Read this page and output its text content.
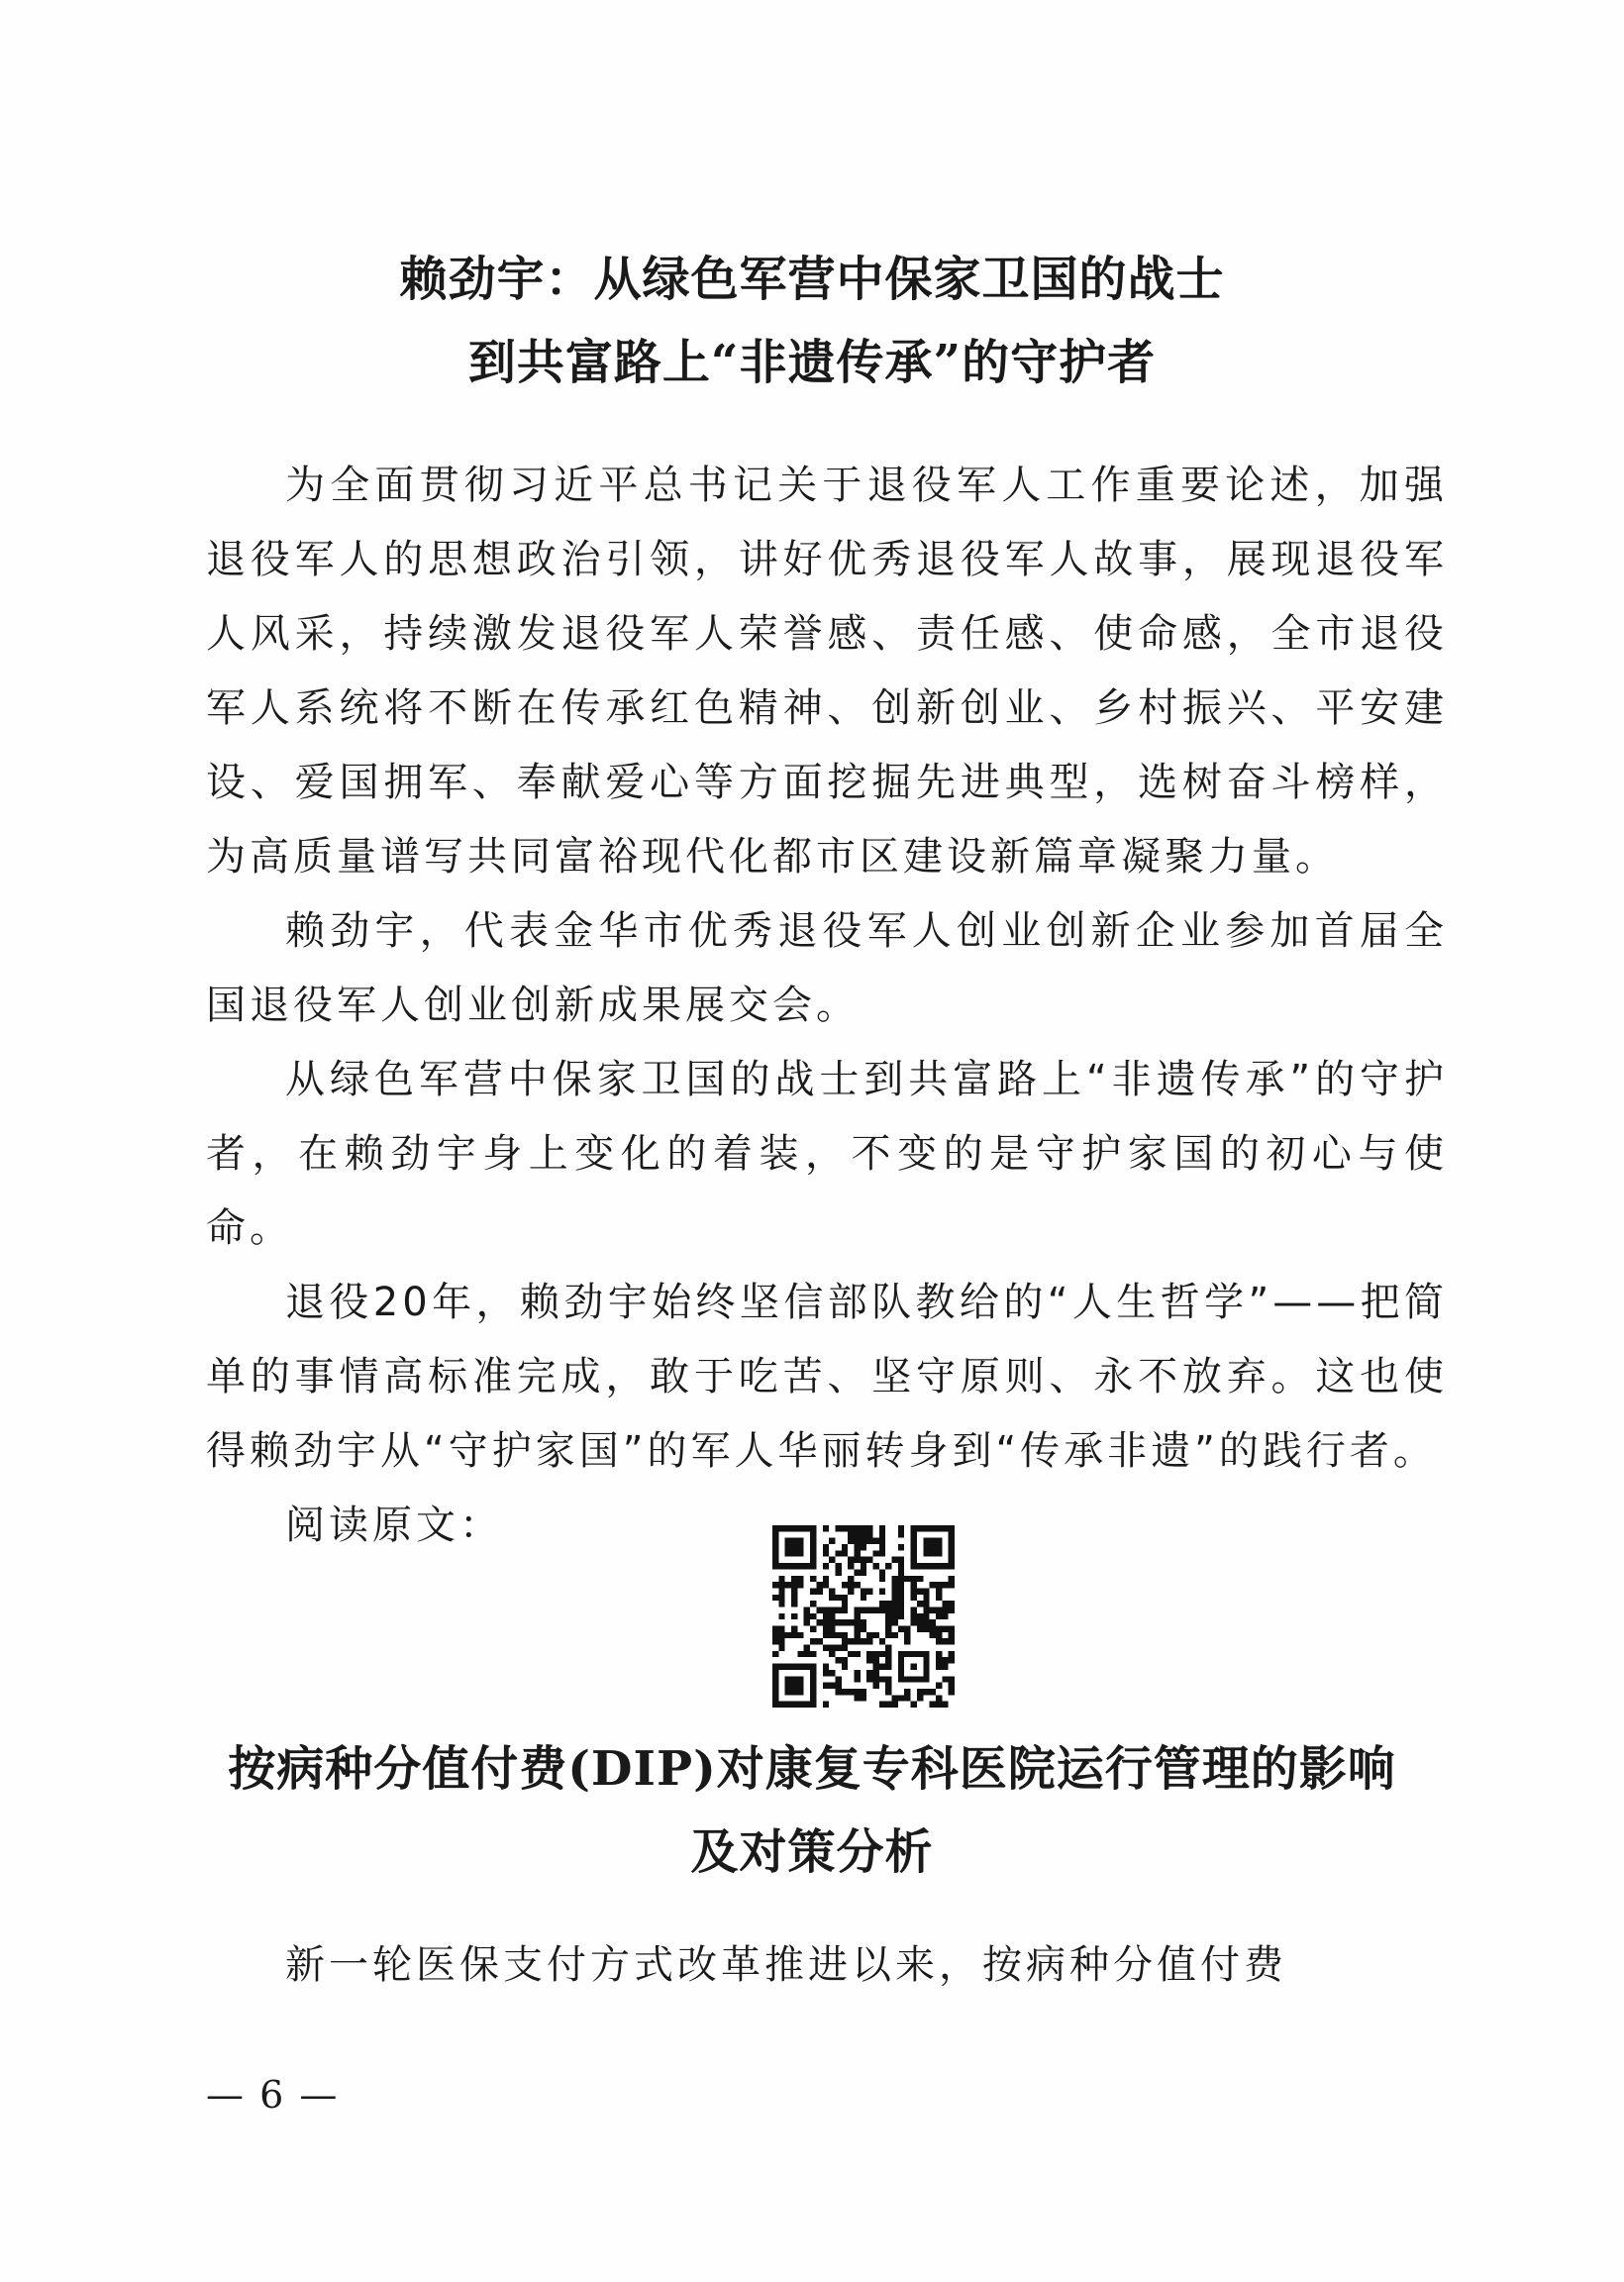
赖劲宇：从绿色军营中保家卫国的战士
到共富路上“非遗传承”的守护者

为全面贯彻习近平总书记关于退役军人工作重要论述，加强退役军人的思想政治引领，讲好优秀退役军人故事，展现退役军人风采，持续激发退役军人荣誉感、责任感、使命感，全市退役军人系统将不断在传承红色精神、创新创业、乡村振兴、平安建设、爱国拥军、奉献爱心等方面挖掘先进典型，选树奋斗榜样，为高质量谱写共同富裕现代化都市区建设新篇章凝聚力量。

赖劲宇，代表金华市优秀退役军人创业创新企业参加首届全国退役军人创业创新成果展交会。

从绿色军营中保家卫国的战士到共富路上“非遗传承”的守护者，在赖劲宇身上变化的着装，不变的是守护家国的初心与使命。

退役20年，赖劲宇始终坚信部队教给的“人生哲学”——把简单的事情高标准完成，敢于吃苦、坚守原则、永不放弃。这也使得赖劲宇从“守护家国”的军人华丽转身到“传承非遗”的践行者。

阅读原文：

按病种分值付费(DIP)对康复专科医院运行管理的影响
及对策分析

新一轮医保支付方式改革推进以来，按病种分值付费

— 6 —
